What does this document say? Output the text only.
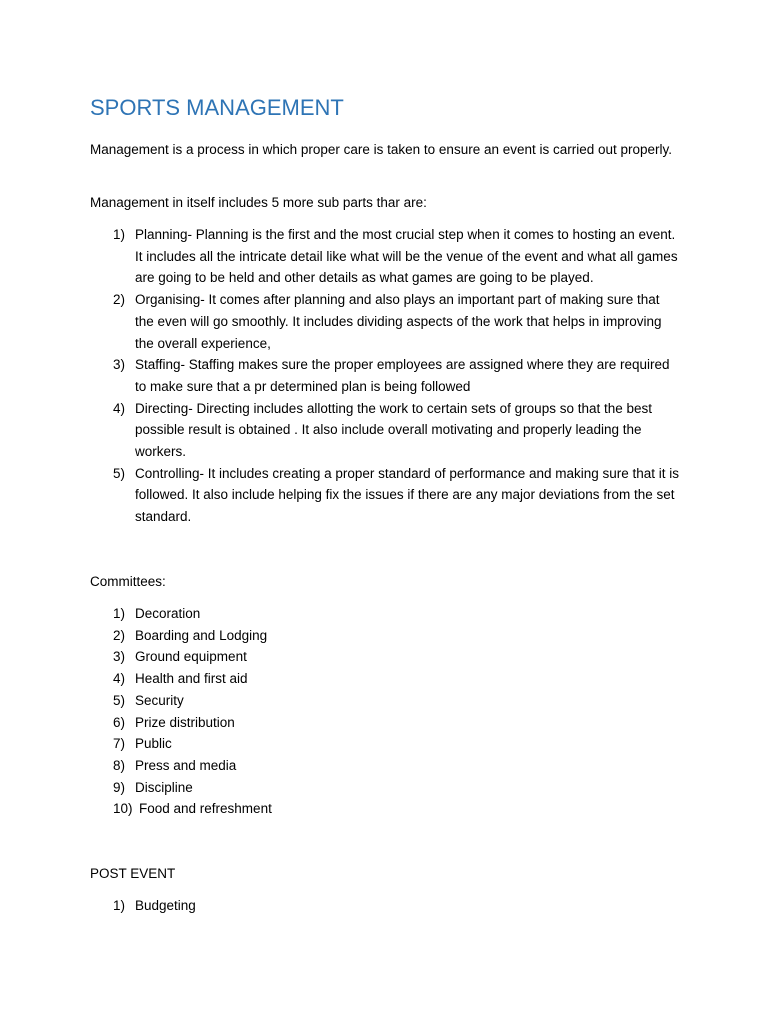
SPORTS MANAGEMENT
Management is a process in which proper care is taken to ensure an event is carried out properly.
Management in itself includes 5 more sub parts thar are:
1) Planning- Planning is the first and the most crucial step when it comes to hosting an event. It includes all the intricate detail like what will be the venue of the event and what all games are going to be held and other details as what games are going to be played.
2) Organising- It comes after planning and also plays an important part of making sure that the even will go smoothly. It includes dividing aspects of the work that helps in improving the overall experience,
3) Staffing- Staffing makes sure the proper employees are assigned where they are required to make sure that a pr determined plan is being followed
4) Directing- Directing includes allotting the work to certain sets of groups so that the best possible result is obtained . It also include overall motivating and properly leading the workers.
5) Controlling- It includes creating a proper standard of performance and making sure that it is followed. It also include helping fix the issues if there are any major deviations from the set standard.
Committees:
1) Decoration
2) Boarding and Lodging
3) Ground equipment
4) Health and first aid
5) Security
6) Prize distribution
7) Public
8) Press and media
9) Discipline
10) Food and refreshment
POST EVENT
1) Budgeting
